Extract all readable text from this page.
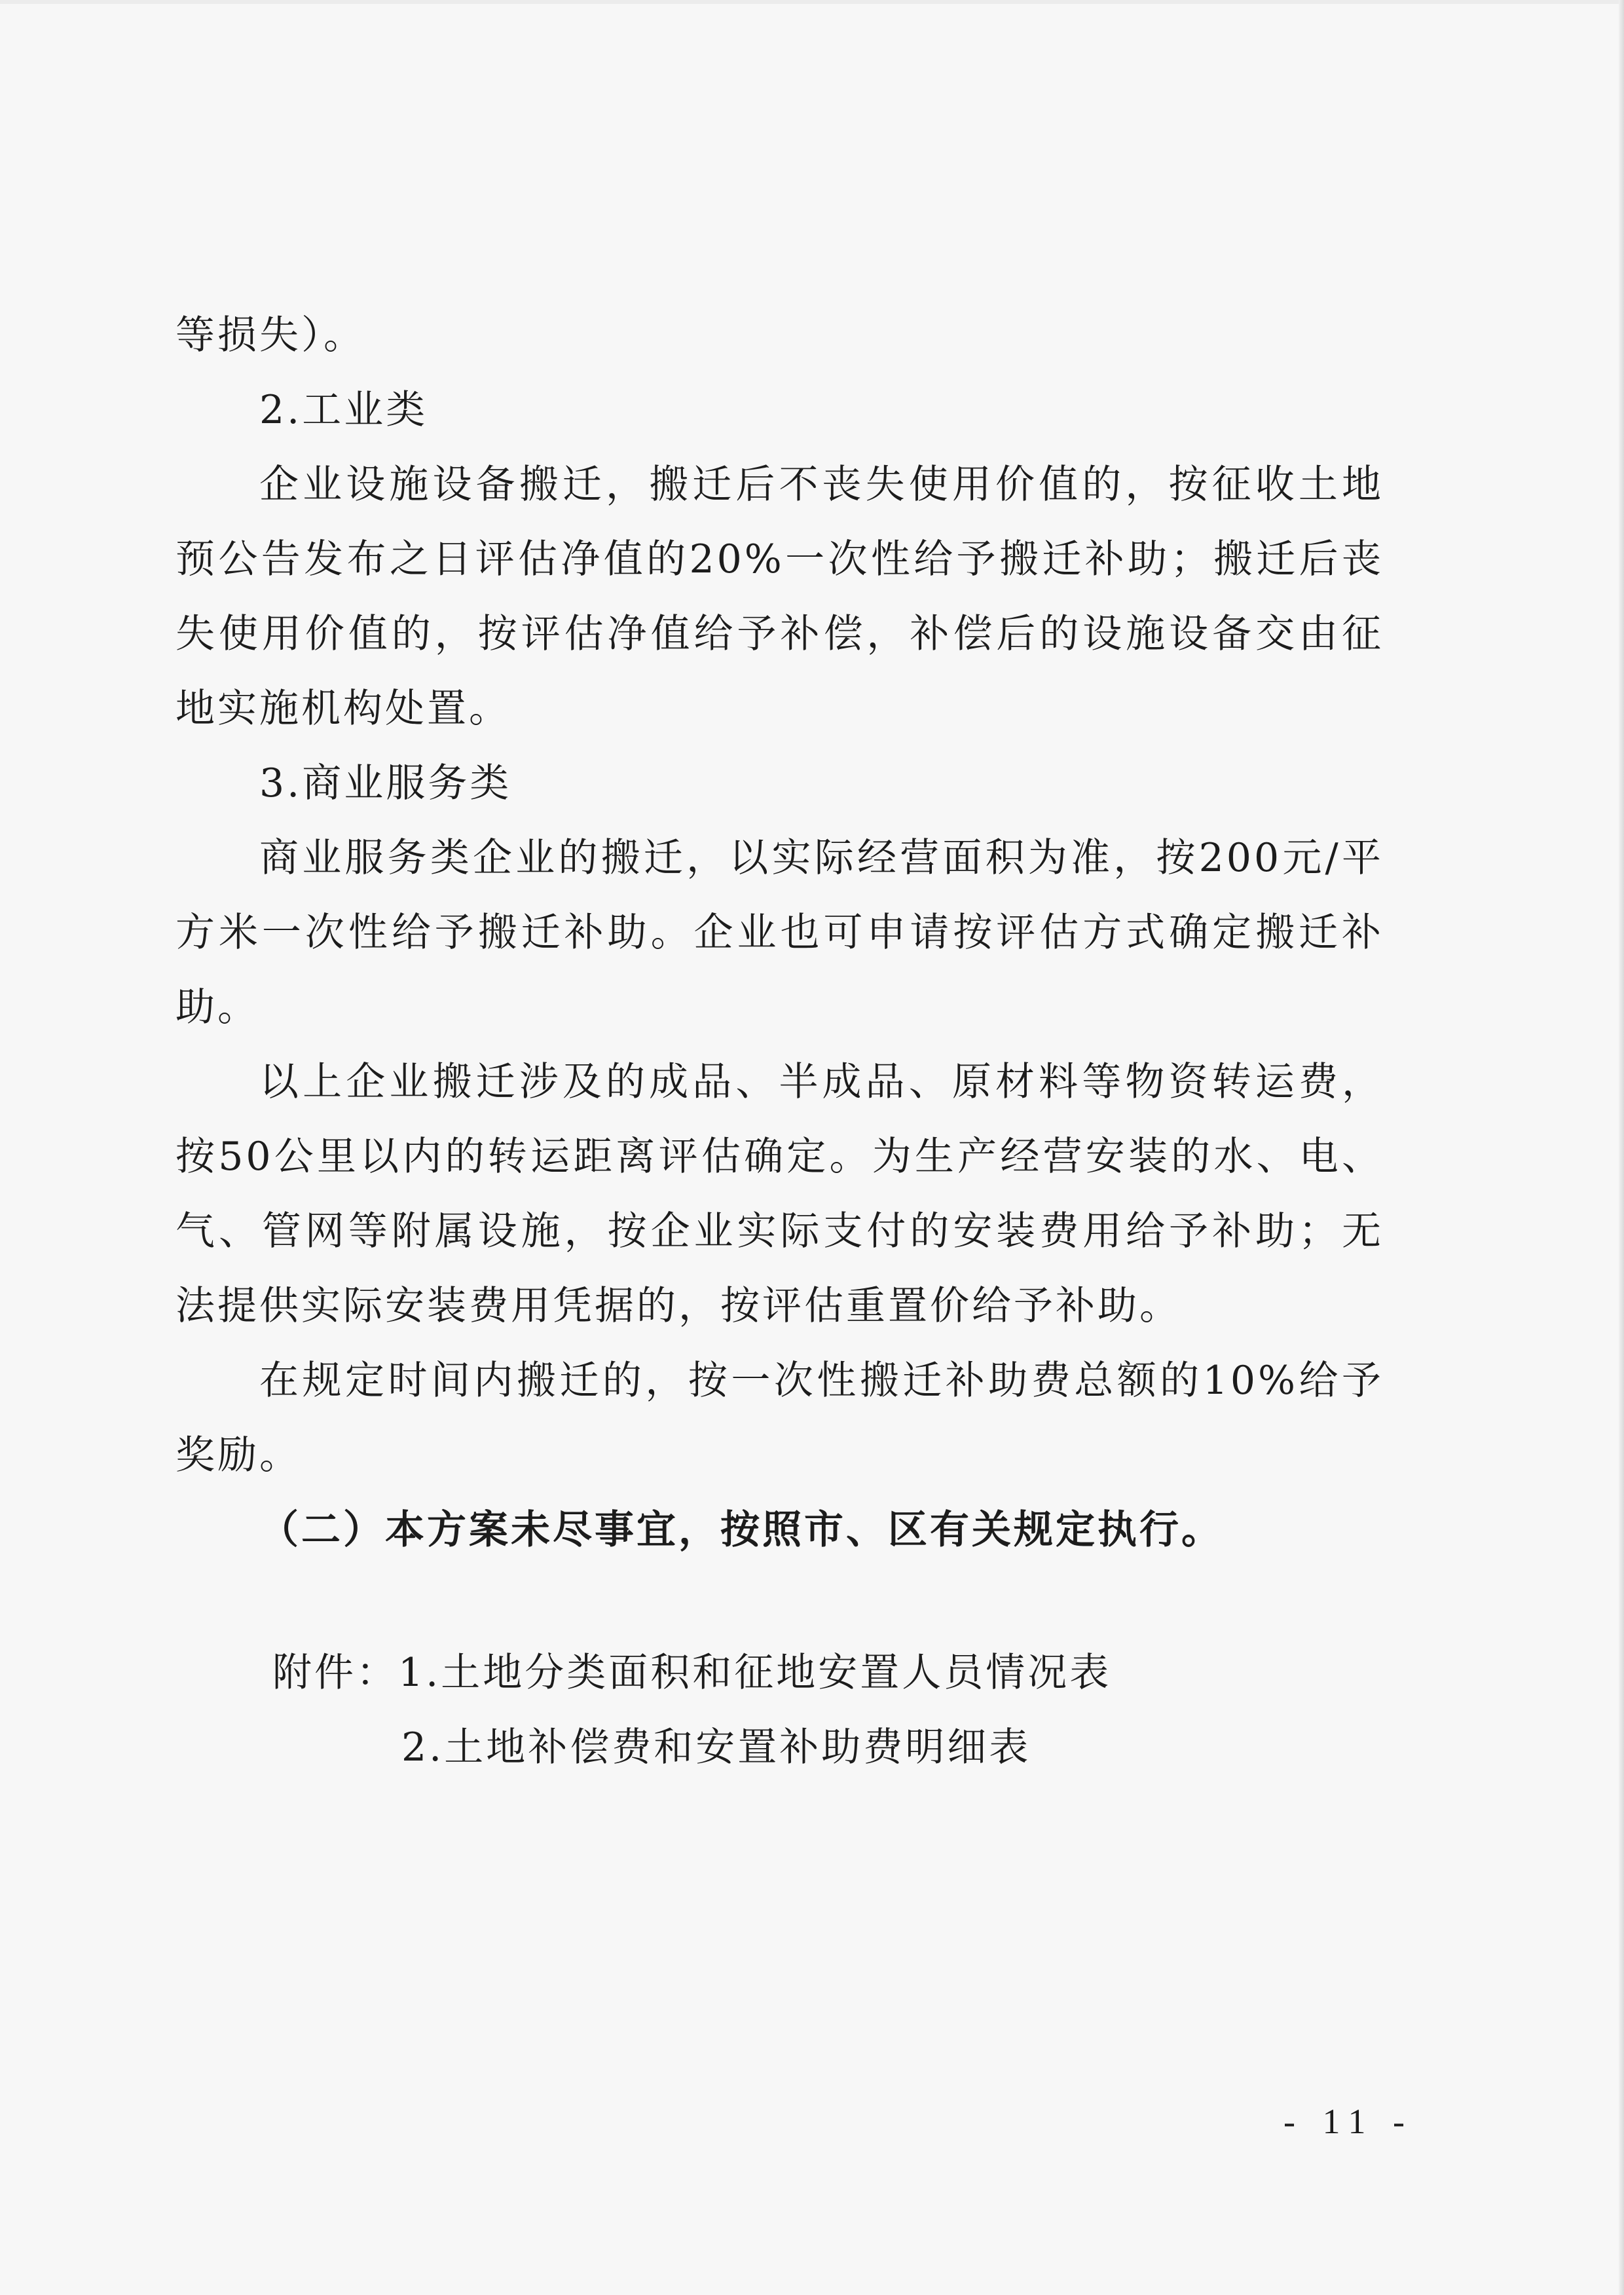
等损失）。

2.工业类

企业设施设备搬迁，搬迁后不丧失使用价值的，按征收土地预公告发布之日评估净值的20%一次性给予搬迁补助；搬迁后丧失使用价值的，按评估净值给予补偿，补偿后的设施设备交由征地实施机构处置。

3.商业服务类

商业服务类企业的搬迁，以实际经营面积为准，按200元/平方米一次性给予搬迁补助。企业也可申请按评估方式确定搬迁补助。

以上企业搬迁涉及的成品、半成品、原材料等物资转运费，按50公里以内的转运距离评估确定。为生产经营安装的水、电、气、管网等附属设施，按企业实际支付的安装费用给予补助；无法提供实际安装费用凭据的，按评估重置价给予补助。

在规定时间内搬迁的，按一次性搬迁补助费总额的10%给予奖励。

（二）本方案未尽事宜，按照市、区有关规定执行。

附件：1.土地分类面积和征地安置人员情况表
2.土地补偿费和安置补助费明细表
- 11 -
